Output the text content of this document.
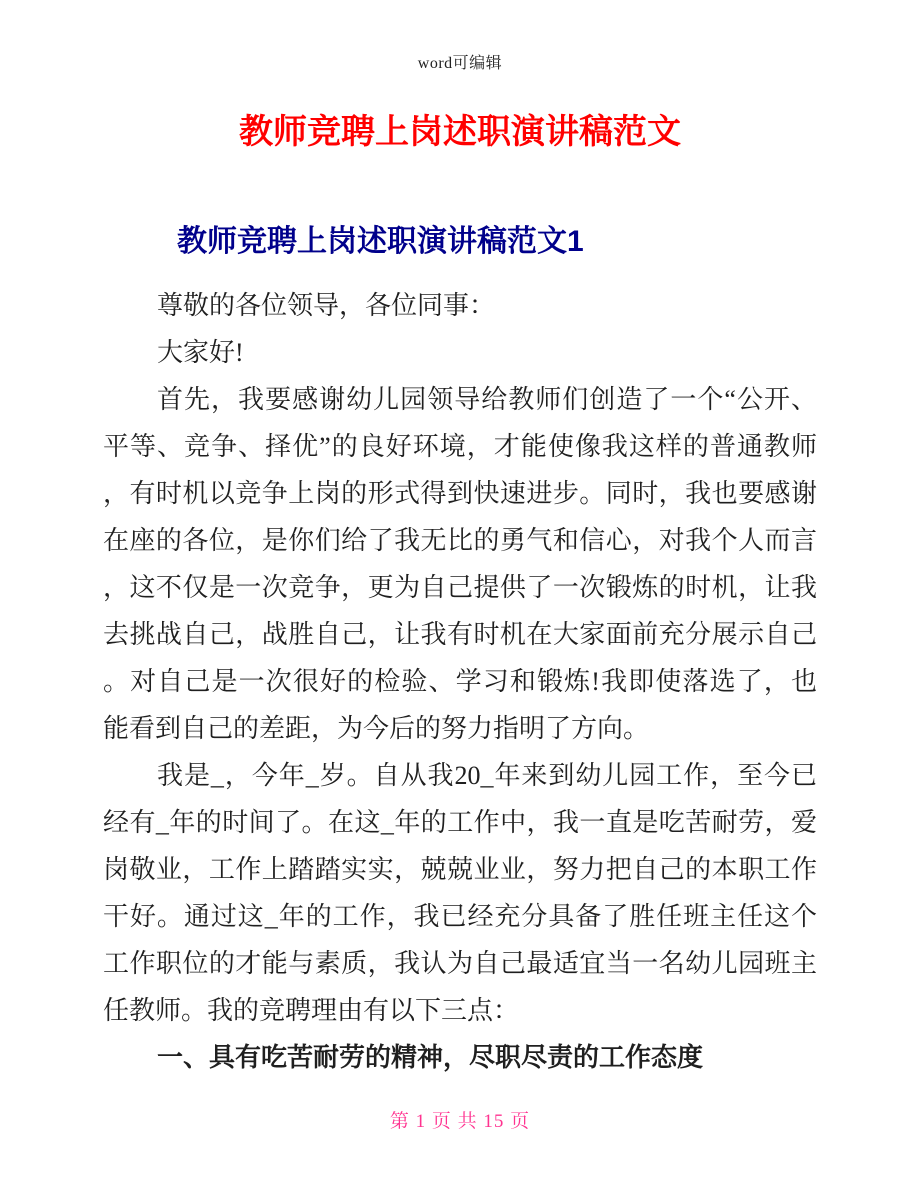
word可编辑
教师竞聘上岗述职演讲稿范文
教师竞聘上岗述职演讲稿范文1
尊敬的各位领导，各位同事：
大家好!
首先，我要感谢幼儿园领导给教师们创造了一个“公开、
平等、竞争、择优”的良好环境，才能使像我这样的普通教师
，有时机以竞争上岗的形式得到快速进步。同时，我也要感谢
在座的各位，是你们给了我无比的勇气和信心，对我个人而言
，这不仅是一次竞争，更为自己提供了一次锻炼的时机，让我
去挑战自己，战胜自己，让我有时机在大家面前充分展示自己
。对自己是一次很好的检验、学习和锻炼!我即使落选了，也
能看到自己的差距，为今后的努力指明了方向。
我是_，今年_岁。自从我20_年来到幼儿园工作，至今已
经有_年的时间了。在这_年的工作中，我一直是吃苦耐劳，爱
岗敬业，工作上踏踏实实，兢兢业业，努力把自己的本职工作
干好。通过这_年的工作，我已经充分具备了胜任班主任这个
工作职位的才能与素质，我认为自己最适宜当一名幼儿园班主
任教师。我的竞聘理由有以下三点：
一、具有吃苦耐劳的精神，尽职尽责的工作态度
第 1 页 共 15 页
